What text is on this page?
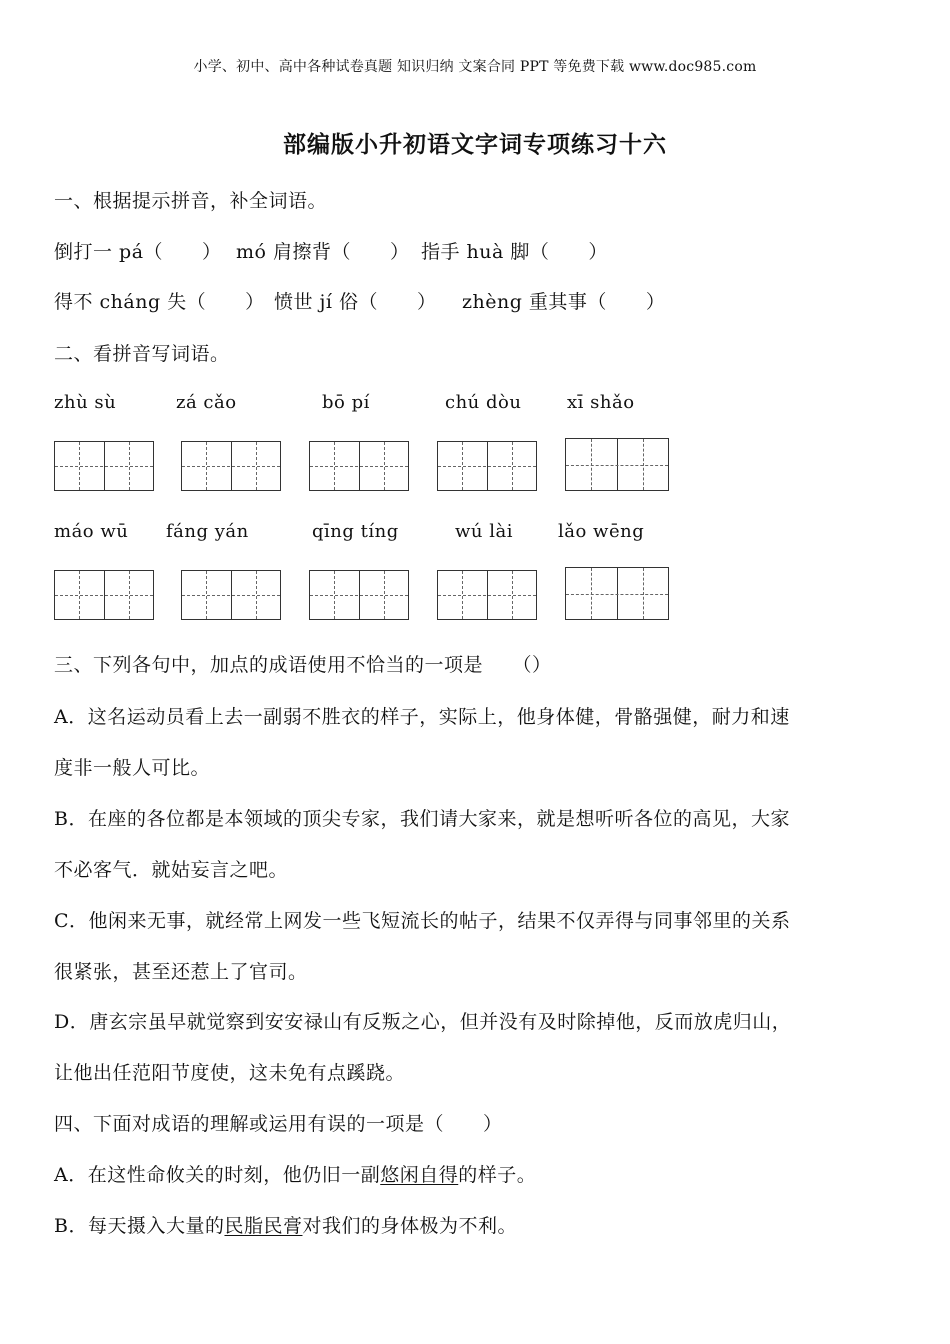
小学、初中、高中各种试卷真题 知识归纳 文案合同 PPT 等免费下载 www.doc985.com
部编版小升初语文字词专项练习十六
一、根据提示拼音，补全词语。
倒打一 pá（　　） mó 肩擦背（　　） 指手 huà 脚（　　）
得不 cháng 失（　　） 愤世 jí 俗（　　） zhèng 重其事（　　）
二、看拼音写词语。
zhù sù	zá cǎo	bō pí	chú dòu	xī shǎo
máo wū fáng yán	qīng tíng	wú lài	lǎo wēng
三、下列各句中，加点的成语使用不恰当的一项是　　（）
A．这名运动员看上去一副弱不胜衣的样子，实际上，他身体健，骨骼强健，耐力和速
度非一般人可比。
B．在座的各位都是本领域的顶尖专家，我们请大家来，就是想听听各位的高见，大家
不必客气．就姑妄言之吧。
C．他闲来无事，就经常上网发一些飞短流长的帖子，结果不仅弄得与同事邻里的关系
很紧张，甚至还惹上了官司。
D．唐玄宗虽早就觉察到安安禄山有反叛之心，但并没有及时除掉他，反而放虎归山，
让他出任范阳节度使，这未免有点蹊跷。
四、下面对成语的理解或运用有误的一项是（　　）
A．在这性命攸关的时刻，他仍旧一副悠闲自得的样子。
B．每天摄入大量的民脂民膏对我们的身体极为不利。
